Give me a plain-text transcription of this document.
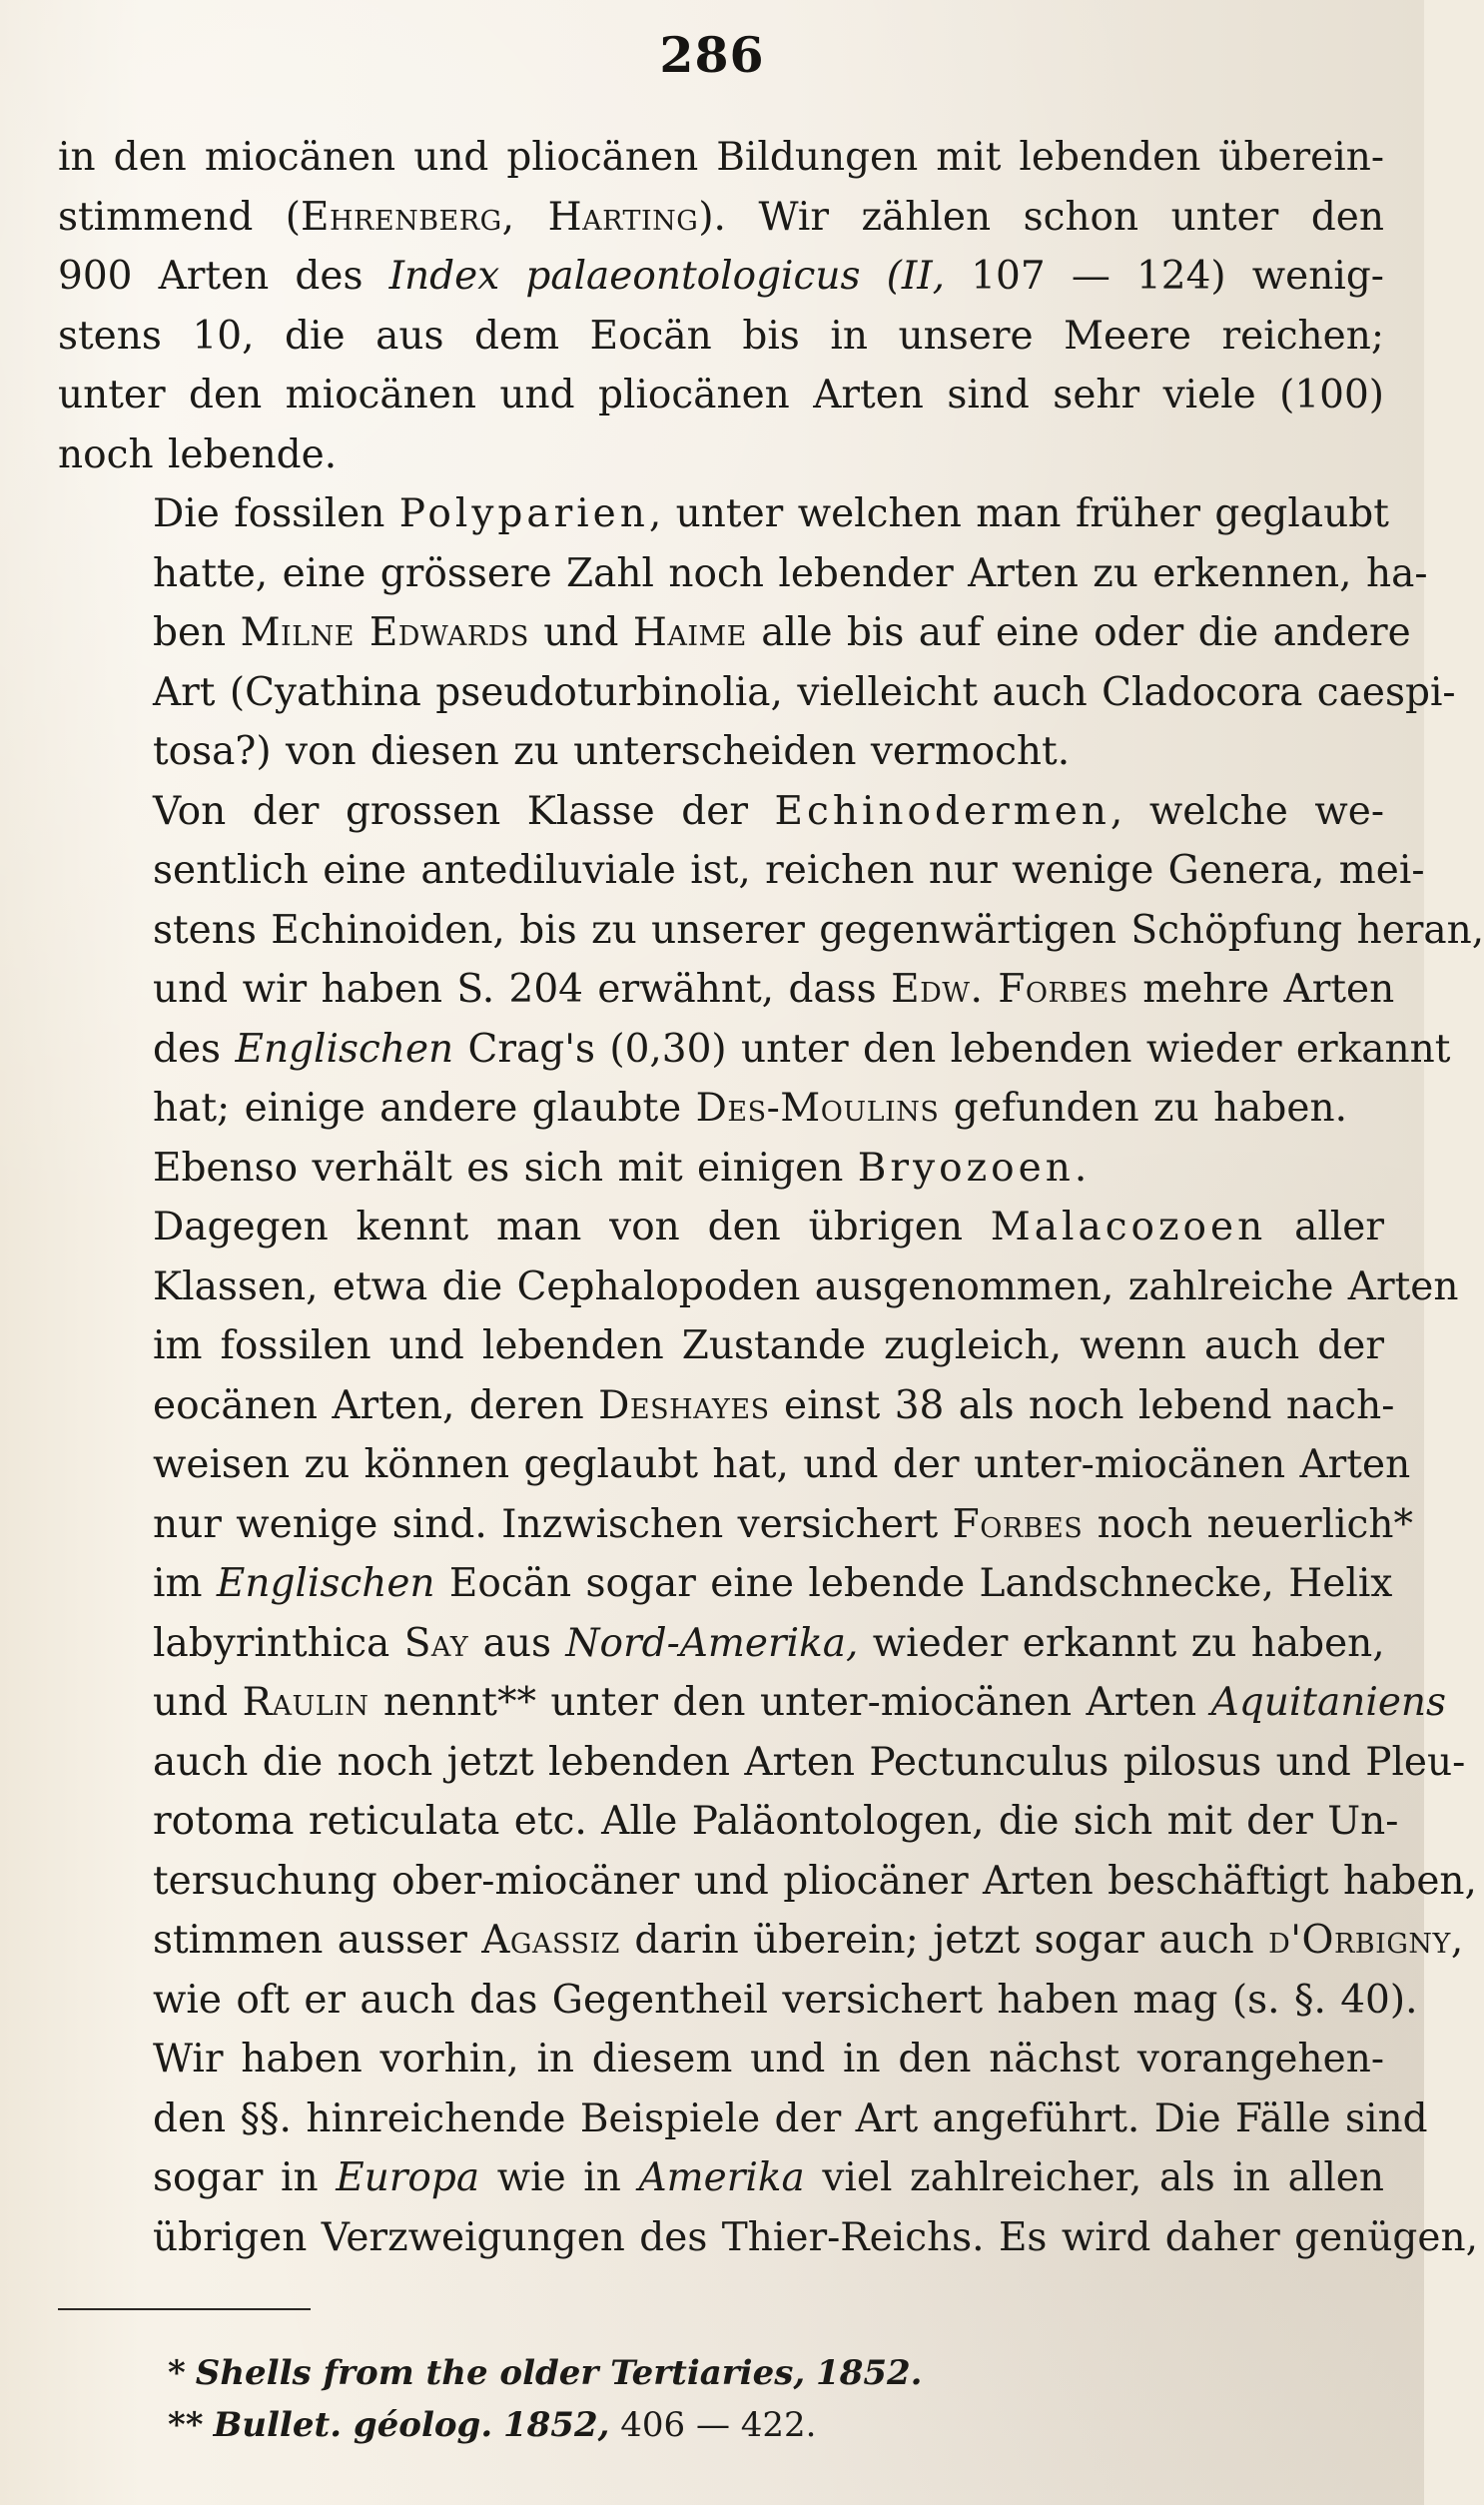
286

in den miocänen und pliocänen Bildungen mit lebenden überein-
stimmend (Ehrenberg, Harting). Wir zählen schon unter den
900 Arten des Index palaeontologicus (II, 107 — 124) wenig-
stens 10, die aus dem Eocän bis in unsere Meere reichen;
unter den miocänen und pliocänen Arten sind sehr viele (100)
noch lebende.

Die fossilen Polyparien, unter welchen man früher geglaubt
hatte, eine grössere Zahl noch lebender Arten zu erkennen, ha-
ben Milne Edwards und Haime alle bis auf eine oder die andere
Art (Cyathina pseudoturbinolia, vielleicht auch Cladocora caespi-
tosa?) von diesen zu unterscheiden vermocht.

Von der grossen Klasse der Echinodermen, welche we-
sentlich eine antediluviale ist, reichen nur wenige Genera, mei-
stens Echinoiden, bis zu unserer gegenwärtigen Schöpfung heran,
und wir haben S. 204 erwähnt, dass Edw. Forbes mehre Arten
des Englischen Crag's (0,30) unter den lebenden wieder erkannt
hat; einige andere glaubte Des-Moulins gefunden zu haben.

Ebenso verhält es sich mit einigen Bryozoen.

Dagegen kennt man von den übrigen Malacozoen aller
Klassen, etwa die Cephalopoden ausgenommen, zahlreiche Arten
im fossilen und lebenden Zustande zugleich, wenn auch der
eocänen Arten, deren Deshayes einst 38 als noch lebend nach-
weisen zu können geglaubt hat, und der unter-miocänen Arten
nur wenige sind. Inzwischen versichert Forbes noch neuerlich*
im Englischen Eocän sogar eine lebende Landschnecke, Helix
labyrinthica Say aus Nord-Amerika, wieder erkannt zu haben,
und Raulin nennt** unter den unter-miocänen Arten Aquitaniens
auch die noch jetzt lebenden Arten Pectunculus pilosus und Pleu-
rotoma reticulata etc. Alle Paläontologen, die sich mit der Un-
tersuchung ober-miocäner und pliocäner Arten beschäftigt haben,
stimmen ausser Agassiz darin überein; jetzt sogar auch d'Orbigny,
wie oft er auch das Gegentheil versichert haben mag (s. §. 40).
Wir haben vorhin, in diesem und in den nächst vorangehen-
den §§. hinreichende Beispiele der Art angeführt. Die Fälle sind
sogar in Europa wie in Amerika viel zahlreicher, als in allen
übrigen Verzweigungen des Thier-Reichs. Es wird daher genügen,

* Shells from the older Tertiaries, 1852.
** Bullet. géolog. 1852, 406 — 422.
